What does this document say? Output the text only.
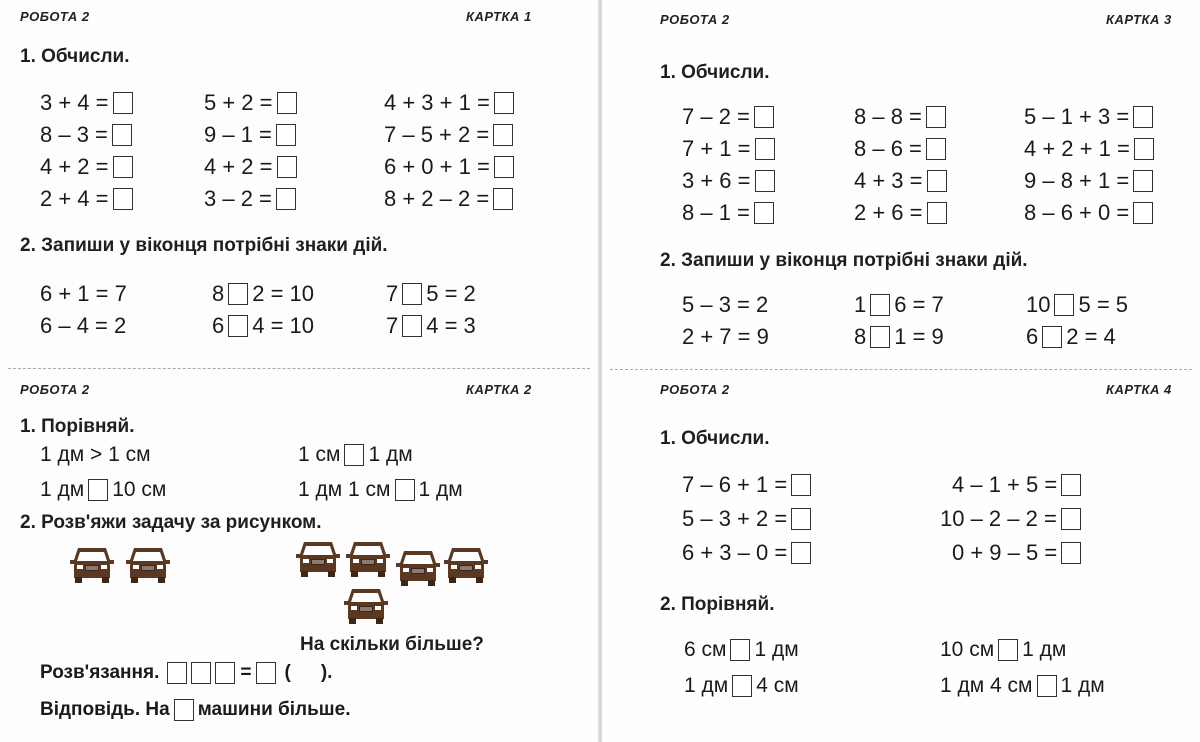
РОБОТА 2	КАРТКА 1
1. Обчисли.
3 + 4 =	5 + 2 =	4 + 3 + 1 =
8 – 3 =	9 – 1 =	7 – 5 + 2 =
4 + 2 =	4 + 2 =	6 + 0 + 1 =
2 + 4 =	3 – 2 =	8 + 2 – 2 =
2. Запиши у віконця потрібні знаки дій.
6 + 1 = 7	8 2 = 10	7 5 = 2
6 – 4 = 2	6 4 = 10	7 4 = 3
РОБОТА 2	КАРТКА 2
1. Порівняй.
1 дм > 1 см	1 см 1 дм
1 дм 10 см	1 дм 1 см 1 дм
2. Розв'яжи задачу за рисунком.
На скільки більше?
Розв'язання.	= ( ).
Відповідь. На машини більше.
РОБОТА 2	КАРТКА 3
1. Обчисли.
7 – 2 =	8 – 8 =	5 – 1 + 3 =
7 + 1 =	8 – 6 =	4 + 2 + 1 =
3 + 6 =	4 + 3 =	9 – 8 + 1 =
8 – 1 =	2 + 6 =	8 – 6 + 0 =
2. Запиши у віконця потрібні знаки дій.
5 – 3 = 2	1 6 = 7	10 5 = 5
2 + 7 = 9	8 1 = 9	6 2 = 4
РОБОТА 2	КАРТКА 4
1. Обчисли.
7 – 6 + 1 =	4 – 1 + 5 =
5 – 3 + 2 =	10 – 2 – 2 =
6 + 3 – 0 =	0 + 9 – 5 =
2. Порівняй.
6 см 1 дм	10 см 1 дм
1 дм 4 см	1 дм 4 см 1 дм
